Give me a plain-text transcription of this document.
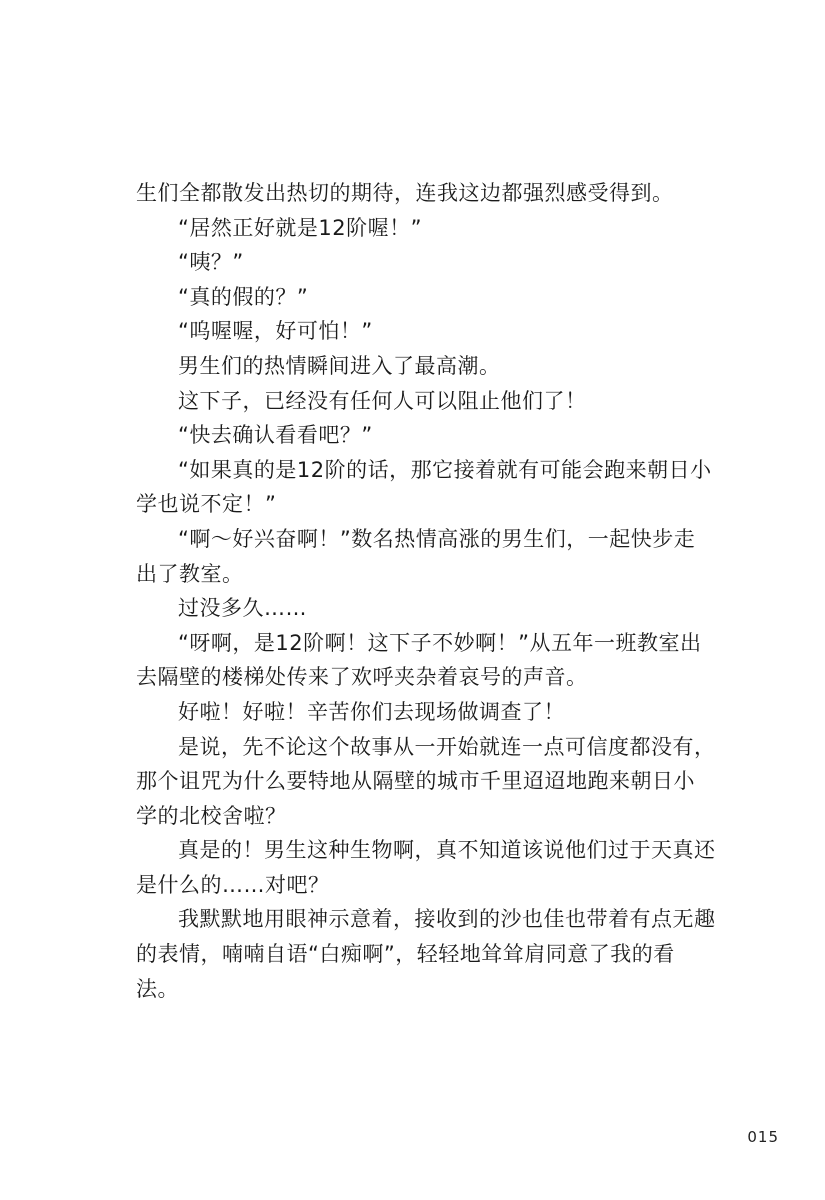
生们全都散发出热切的期待，连我这边都强烈感受得到。

“居然正好就是12阶喔！”

“咦？”

“真的假的？”

“呜喔喔，好可怕！”

男生们的热情瞬间进入了最高潮。

这下子，已经没有任何人可以阻止他们了！

“快去确认看看吧？”

“如果真的是12阶的话，那它接着就有可能会跑来朝日小学也说不定！”

“啊～好兴奋啊！”数名热情高涨的男生们，一起快步走出了教室。

过没多久……

“呀啊，是12阶啊！这下子不妙啊！”从五年一班教室出去隔壁的楼梯处传来了欢呼夹杂着哀号的声音。

好啦！好啦！辛苦你们去现场做调查了！

是说，先不论这个故事从一开始就连一点可信度都没有，那个诅咒为什么要特地从隔壁的城市千里迢迢地跑来朝日小学的北校舍啦？

真是的！男生这种生物啊，真不知道该说他们过于天真还是什么的……对吧？

我默默地用眼神示意着，接收到的沙也佳也带着有点无趣的表情，喃喃自语“白痴啊”，轻轻地耸耸肩同意了我的看法。

015
